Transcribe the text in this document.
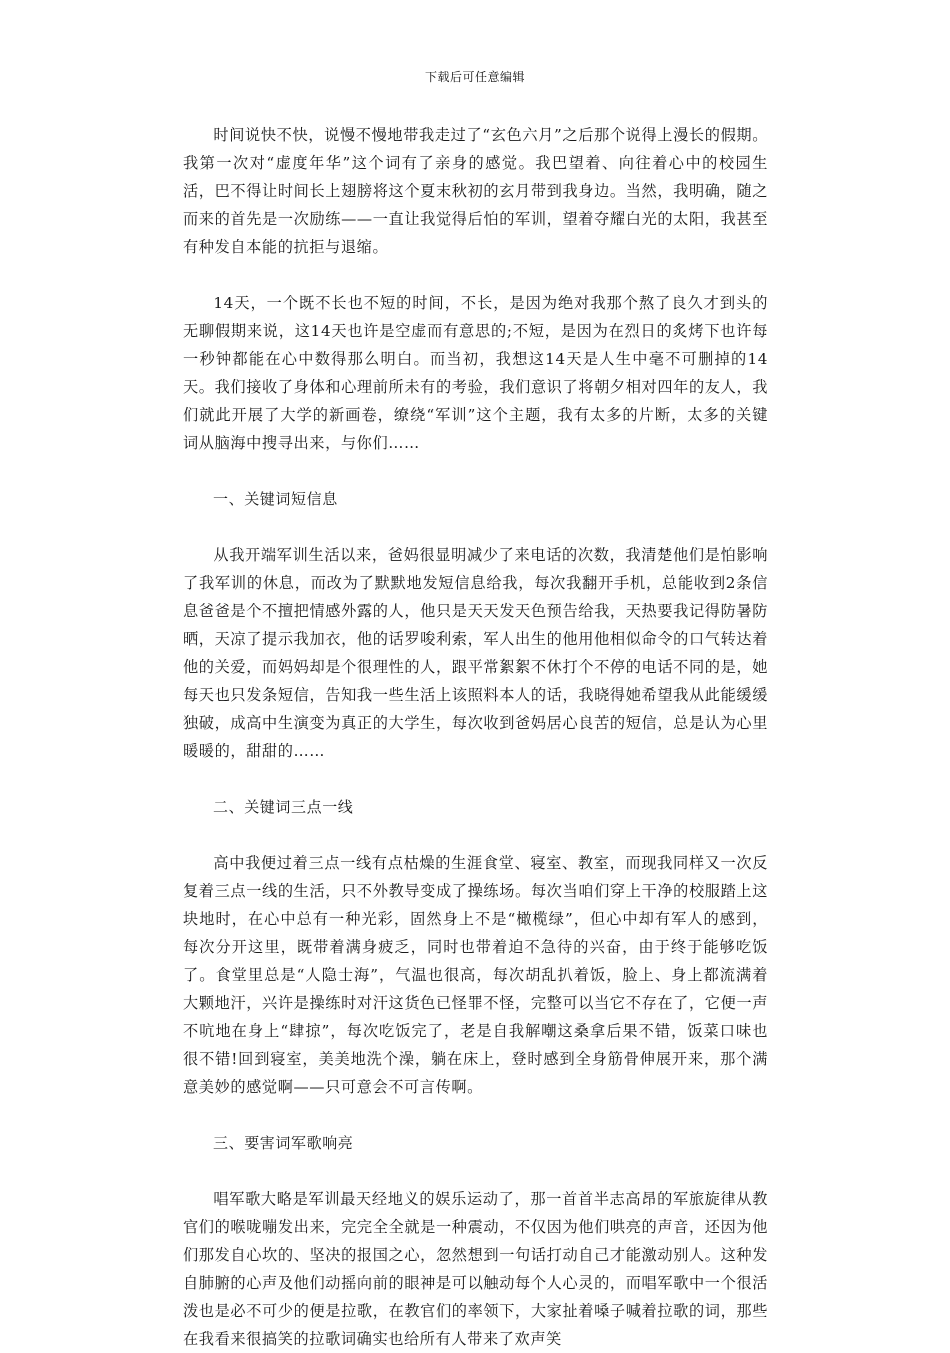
下载后可任意编辑

时间说快不快，说慢不慢地带我走过了“玄色六月”之后那个说得上漫长的假期。我第一次对“虚度年华”这个词有了亲身的感觉。我巴望着、向往着心中的校园生活，巴不得让时间长上翅膀将这个夏末秋初的玄月带到我身边。当然，我明确，随之而来的首先是一次励练——一直让我觉得后怕的军训，望着夺耀白光的太阳，我甚至有种发自本能的抗拒与退缩。

14天，一个既不长也不短的时间，不长，是因为绝对我那个熬了良久才到头的无聊假期来说，这14天也许是空虚而有意思的;不短，是因为在烈日的炙烤下也许每一秒钟都能在心中数得那么明白。而当初，我想这14天是人生中毫不可删掉的14天。我们接收了身体和心理前所未有的考验，我们意识了将朝夕相对四年的友人，我们就此开展了大学的新画卷，缭绕“军训”这个主题，我有太多的片断，太多的关键词从脑海中搜寻出来，与你们……

一、关键词短信息

从我开端军训生活以来，爸妈很显明减少了来电话的次数，我清楚他们是怕影响了我军训的休息，而改为了默默地发短信息给我，每次我翻开手机，总能收到2条信息爸爸是个不擅把情感外露的人，他只是天天发天色预告给我，天热要我记得防暑防晒，天凉了提示我加衣，他的话罗唆利索，军人出生的他用他相似命令的口气转达着他的关爱，而妈妈却是个很理性的人，跟平常絮絮不休打个不停的电话不同的是，她每天也只发条短信，告知我一些生活上该照料本人的话，我晓得她希望我从此能缓缓独破，成高中生演变为真正的大学生，每次收到爸妈居心良苦的短信，总是认为心里暖暖的，甜甜的……

二、关键词三点一线

高中我便过着三点一线有点枯燥的生涯食堂、寝室、教室，而现我同样又一次反复着三点一线的生活，只不外教导变成了操练场。每次当咱们穿上干净的校服踏上这块地时，在心中总有一种光彩，固然身上不是“橄榄绿”，但心中却有军人的感到，每次分开这里，既带着满身疲乏，同时也带着迫不急待的兴奋，由于终于能够吃饭了。食堂里总是“人隐士海”，气温也很高，每次胡乱扒着饭，脸上、身上都流满着大颗地汗，兴许是操练时对汗这货色已怪罪不怪，完整可以当它不存在了，它便一声不吭地在身上“肆掠”，每次吃饭完了，老是自我解嘲这桑拿后果不错，饭菜口味也很不错!回到寝室，美美地洗个澡，躺在床上，登时感到全身筋骨伸展开来，那个满意美妙的感觉啊——只可意会不可言传啊。

三、要害词军歌响亮

唱军歌大略是军训最天经地义的娱乐运动了，那一首首半志高昂的军旅旋律从教官们的喉咙嘣发出来，完完全全就是一种震动，不仅因为他们哄亮的声音，还因为他们那发自心坎的、坚决的报国之心，忽然想到一句话打动自己才能激动别人。这种发自肺腑的心声及他们动摇向前的眼神是可以触动每个人心灵的，而唱军歌中一个很活泼也是必不可少的便是拉歌，在教官们的率领下，大家扯着嗓子喊着拉歌的词，那些在我看来很搞笑的拉歌词确实也给所有人带来了欢声笑
